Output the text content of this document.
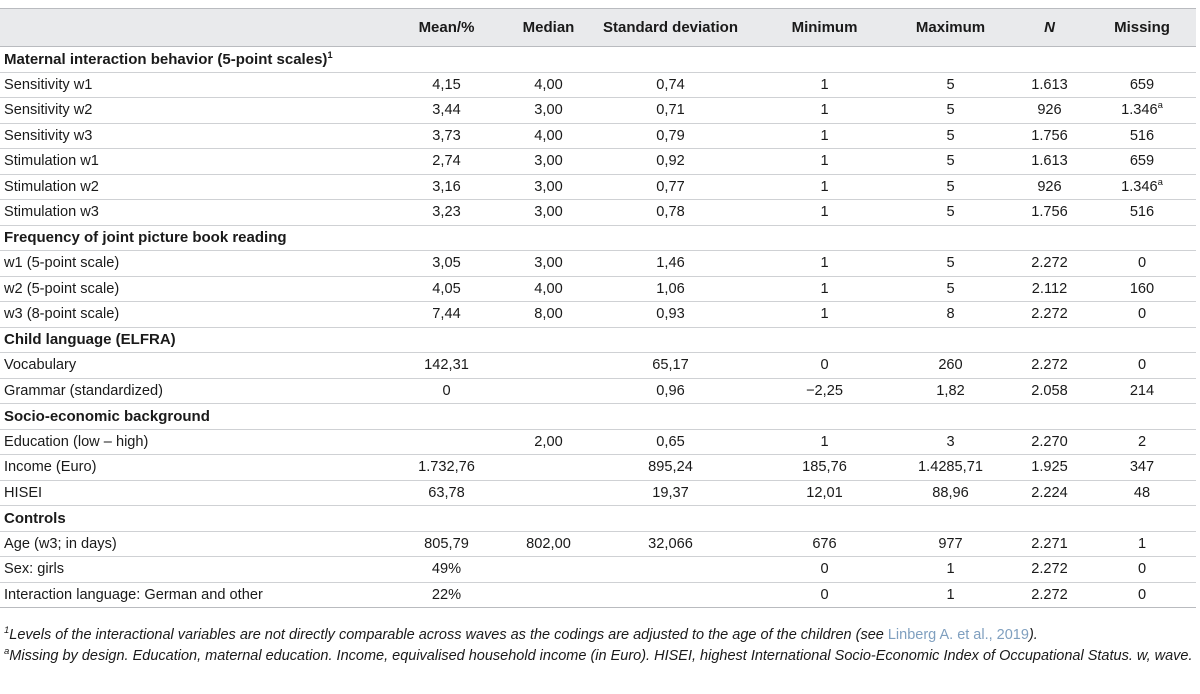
	Mean/%	Median	Standard deviation	Minimum	Maximum	N	Missing
Maternal interaction behavior (5-point scales)$^1$
Sensitivity w1	4,15	4,00	0,74	1	5	1.613	659
Sensitivity w2	3,44	3,00	0,71	1	5	926	1.346$^a$
Sensitivity w3	3,73	4,00	0,79	1	5	1.756	516
Stimulation w1	2,74	3,00	0,92	1	5	1.613	659
Stimulation w2	3,16	3,00	0,77	1	5	926	1.346$^a$
Stimulation w3	3,23	3,00	0,78	1	5	1.756	516
Frequency of joint picture book reading							
w1 (5-point scale)	3,05	3,00	1,46	1	5	2.272	0
w2 (5-point scale)	4,05	4,00	1,06	1	5	2.112	160
w3 (8-point scale)	7,44	8,00	0,93	1	8	2.272	0
Child language (ELFRA)							
Vocabulary	142,31		65,17	0	260	2.272	0
Grammar (standardized)	0		0,96	−2,25	1,82	2.058	214
Socio-economic background							
Education (low – high)		2,00	0,65	1	3	2.270	2
Income (Euro)	1.732,76		895,24	185,76	1.4285,71	1.925	347
HISEI	63,78		19,37	12,01	88,96	2.224	48
Controls							
Age (w3; in days)	805,79	802,00	32,066	676	977	2.271	1
Sex: girls	49%			0	1	2.272	0
Interaction language: German and other	22%			0	1	2.272	0

$^1$Levels of the interactional variables are not directly comparable across waves as the codings are adjusted to the age of the children (see Linberg A. et al., 2019).

$^a$Missing by design. Education, maternal education. Income, equivalised household income (in Euro). HISEI, highest International Socio-Economic Index of Occupational Status. w, wave.
